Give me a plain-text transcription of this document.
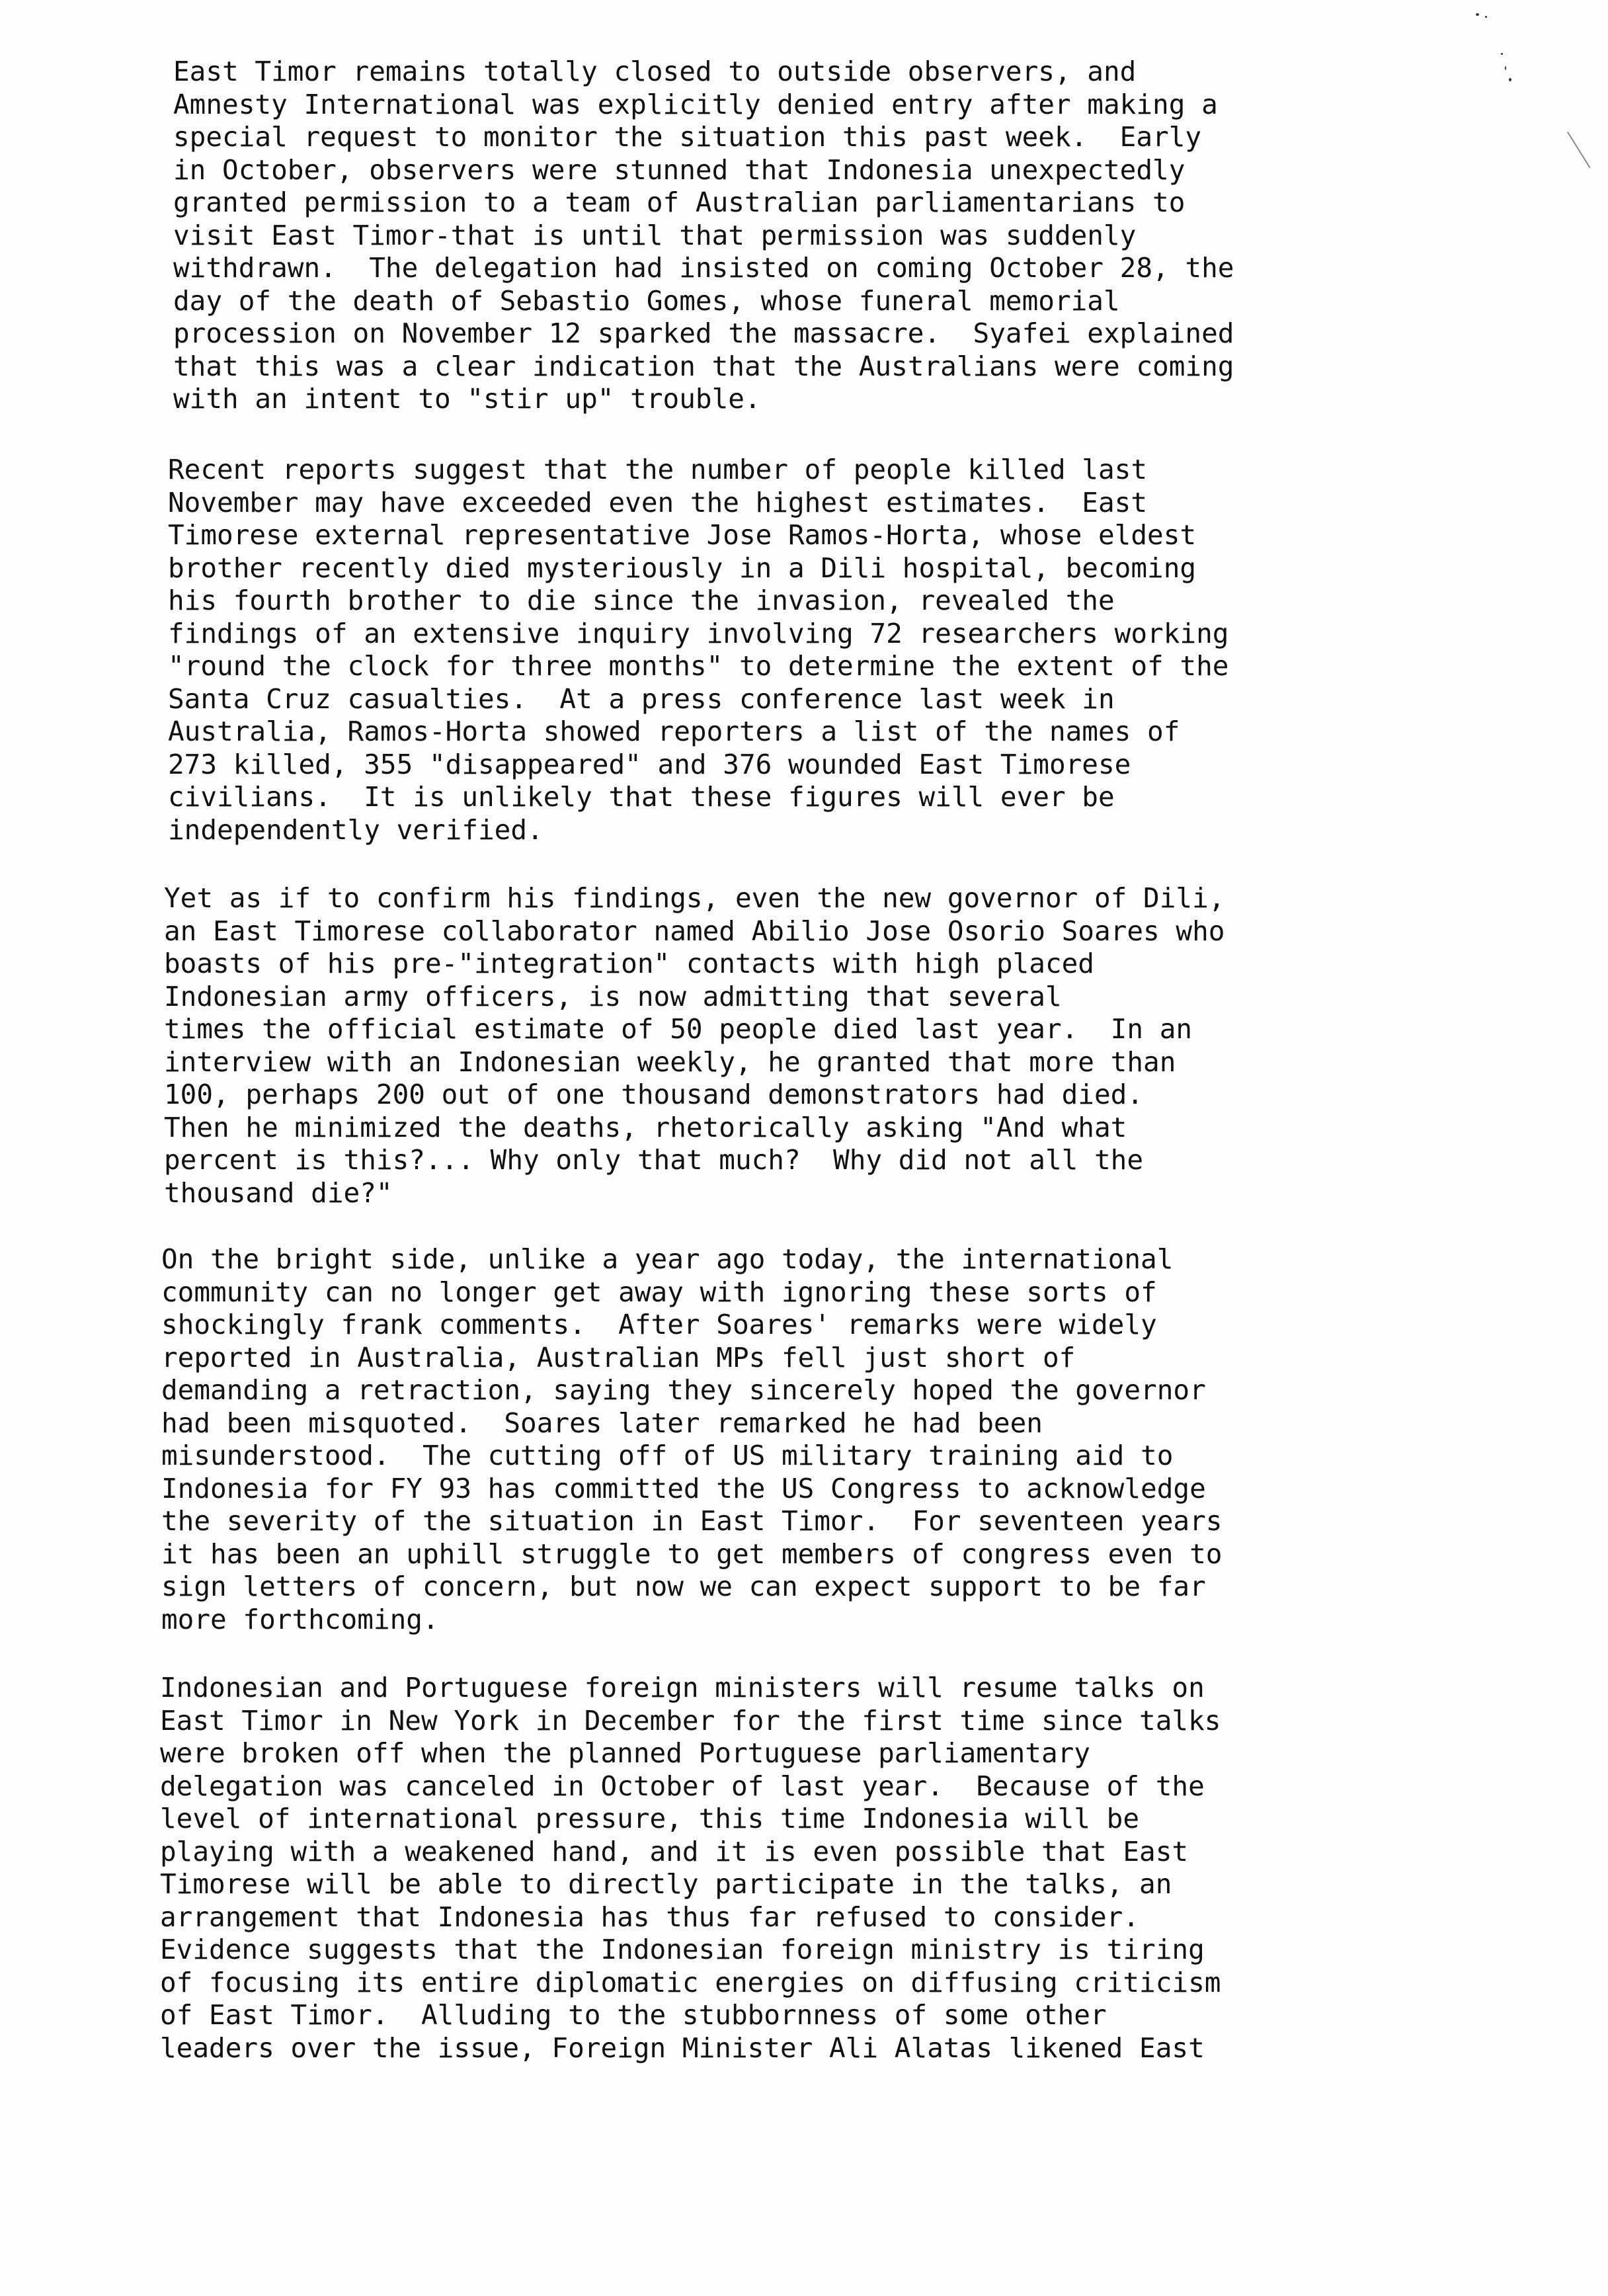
East Timor remains totally closed to outside observers, and
Amnesty International was explicitly denied entry after making a
special request to monitor the situation this past week.  Early
in October, observers were stunned that Indonesia unexpectedly
granted permission to a team of Australian parliamentarians to
visit East Timor-that is until that permission was suddenly
withdrawn.  The delegation had insisted on coming October 28, the
day of the death of Sebastio Gomes, whose funeral memorial
procession on November 12 sparked the massacre.  Syafei explained
that this was a clear indication that the Australians were coming
with an intent to "stir up" trouble.

Recent reports suggest that the number of people killed last
November may have exceeded even the highest estimates.  East
Timorese external representative Jose Ramos-Horta, whose eldest
brother recently died mysteriously in a Dili hospital, becoming
his fourth brother to die since the invasion, revealed the
findings of an extensive inquiry involving 72 researchers working
"round the clock for three months" to determine the extent of the
Santa Cruz casualties.  At a press conference last week in
Australia, Ramos-Horta showed reporters a list of the names of
273 killed, 355 "disappeared" and 376 wounded East Timorese
civilians.  It is unlikely that these figures will ever be
independently verified.

Yet as if to confirm his findings, even the new governor of Dili,
an East Timorese collaborator named Abilio Jose Osorio Soares who
boasts of his pre-"integration" contacts with high placed
Indonesian army officers, is now admitting that several
times the official estimate of 50 people died last year.  In an
interview with an Indonesian weekly, he granted that more than
100, perhaps 200 out of one thousand demonstrators had died.
Then he minimized the deaths, rhetorically asking "And what
percent is this?... Why only that much?  Why did not all the
thousand die?"

On the bright side, unlike a year ago today, the international
community can no longer get away with ignoring these sorts of
shockingly frank comments.  After Soares' remarks were widely
reported in Australia, Australian MPs fell just short of
demanding a retraction, saying they sincerely hoped the governor
had been misquoted.  Soares later remarked he had been
misunderstood.  The cutting off of US military training aid to
Indonesia for FY 93 has committed the US Congress to acknowledge
the severity of the situation in East Timor.  For seventeen years
it has been an uphill struggle to get members of congress even to
sign letters of concern, but now we can expect support to be far
more forthcoming.

Indonesian and Portuguese foreign ministers will resume talks on
East Timor in New York in December for the first time since talks
were broken off when the planned Portuguese parliamentary
delegation was canceled in October of last year.  Because of the
level of international pressure, this time Indonesia will be
playing with a weakened hand, and it is even possible that East
Timorese will be able to directly participate in the talks, an
arrangement that Indonesia has thus far refused to consider.
Evidence suggests that the Indonesian foreign ministry is tiring
of focusing its entire diplomatic energies on diffusing criticism
of East Timor.  Alluding to the stubbornness of some other
leaders over the issue, Foreign Minister Ali Alatas likened East
